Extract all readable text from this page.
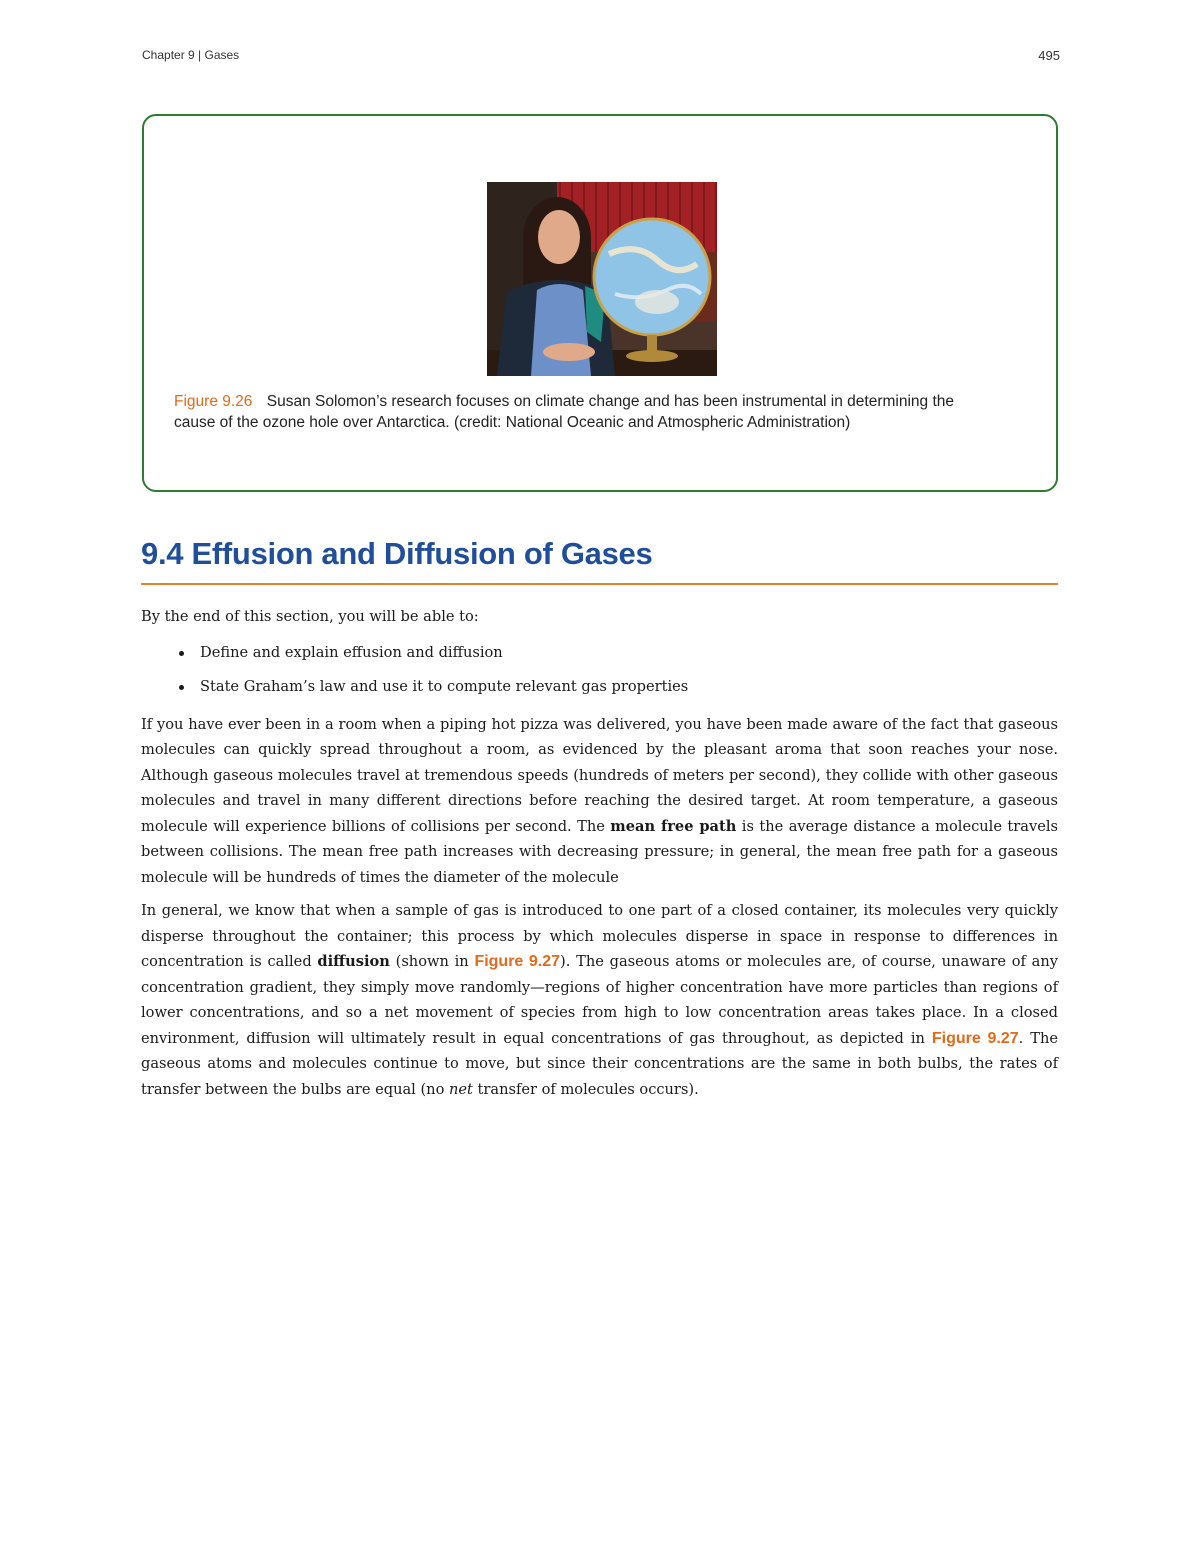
Chapter 9 | Gases	495
Figure 9.26 Susan Solomon’s research focuses on climate change and has been instrumental in determining the cause of the ozone hole over Antarctica. (credit: National Oceanic and Atmospheric Administration)
9.4 Effusion and Diffusion of Gases

By the end of this section, you will be able to:

Define and explain effusion and diffusion
State Graham’s law and use it to compute relevant gas properties

If you have ever been in a room when a piping hot pizza was delivered, you have been made aware of the fact that gaseous molecules can quickly spread throughout a room, as evidenced by the pleasant aroma that soon reaches your nose. Although gaseous molecules travel at tremendous speeds (hundreds of meters per second), they collide with other gaseous molecules and travel in many different directions before reaching the desired target. At room temperature, a gaseous molecule will experience billions of collisions per second. The mean free path is the average distance a molecule travels between collisions. The mean free path increases with decreasing pressure; in general, the mean free path for a gaseous molecule will be hundreds of times the diameter of the molecule

In general, we know that when a sample of gas is introduced to one part of a closed container, its molecules very quickly disperse throughout the container; this process by which molecules disperse in space in response to differences in concentration is called diffusion (shown in Figure 9.27). The gaseous atoms or molecules are, of course, unaware of any concentration gradient, they simply move randomly—regions of higher concentration have more particles than regions of lower concentrations, and so a net movement of species from high to low concentration areas takes place. In a closed environment, diffusion will ultimately result in equal concentrations of gas throughout, as depicted in Figure 9.27. The gaseous atoms and molecules continue to move, but since their concentrations are the same in both bulbs, the rates of transfer between the bulbs are equal (no net transfer of molecules occurs).
